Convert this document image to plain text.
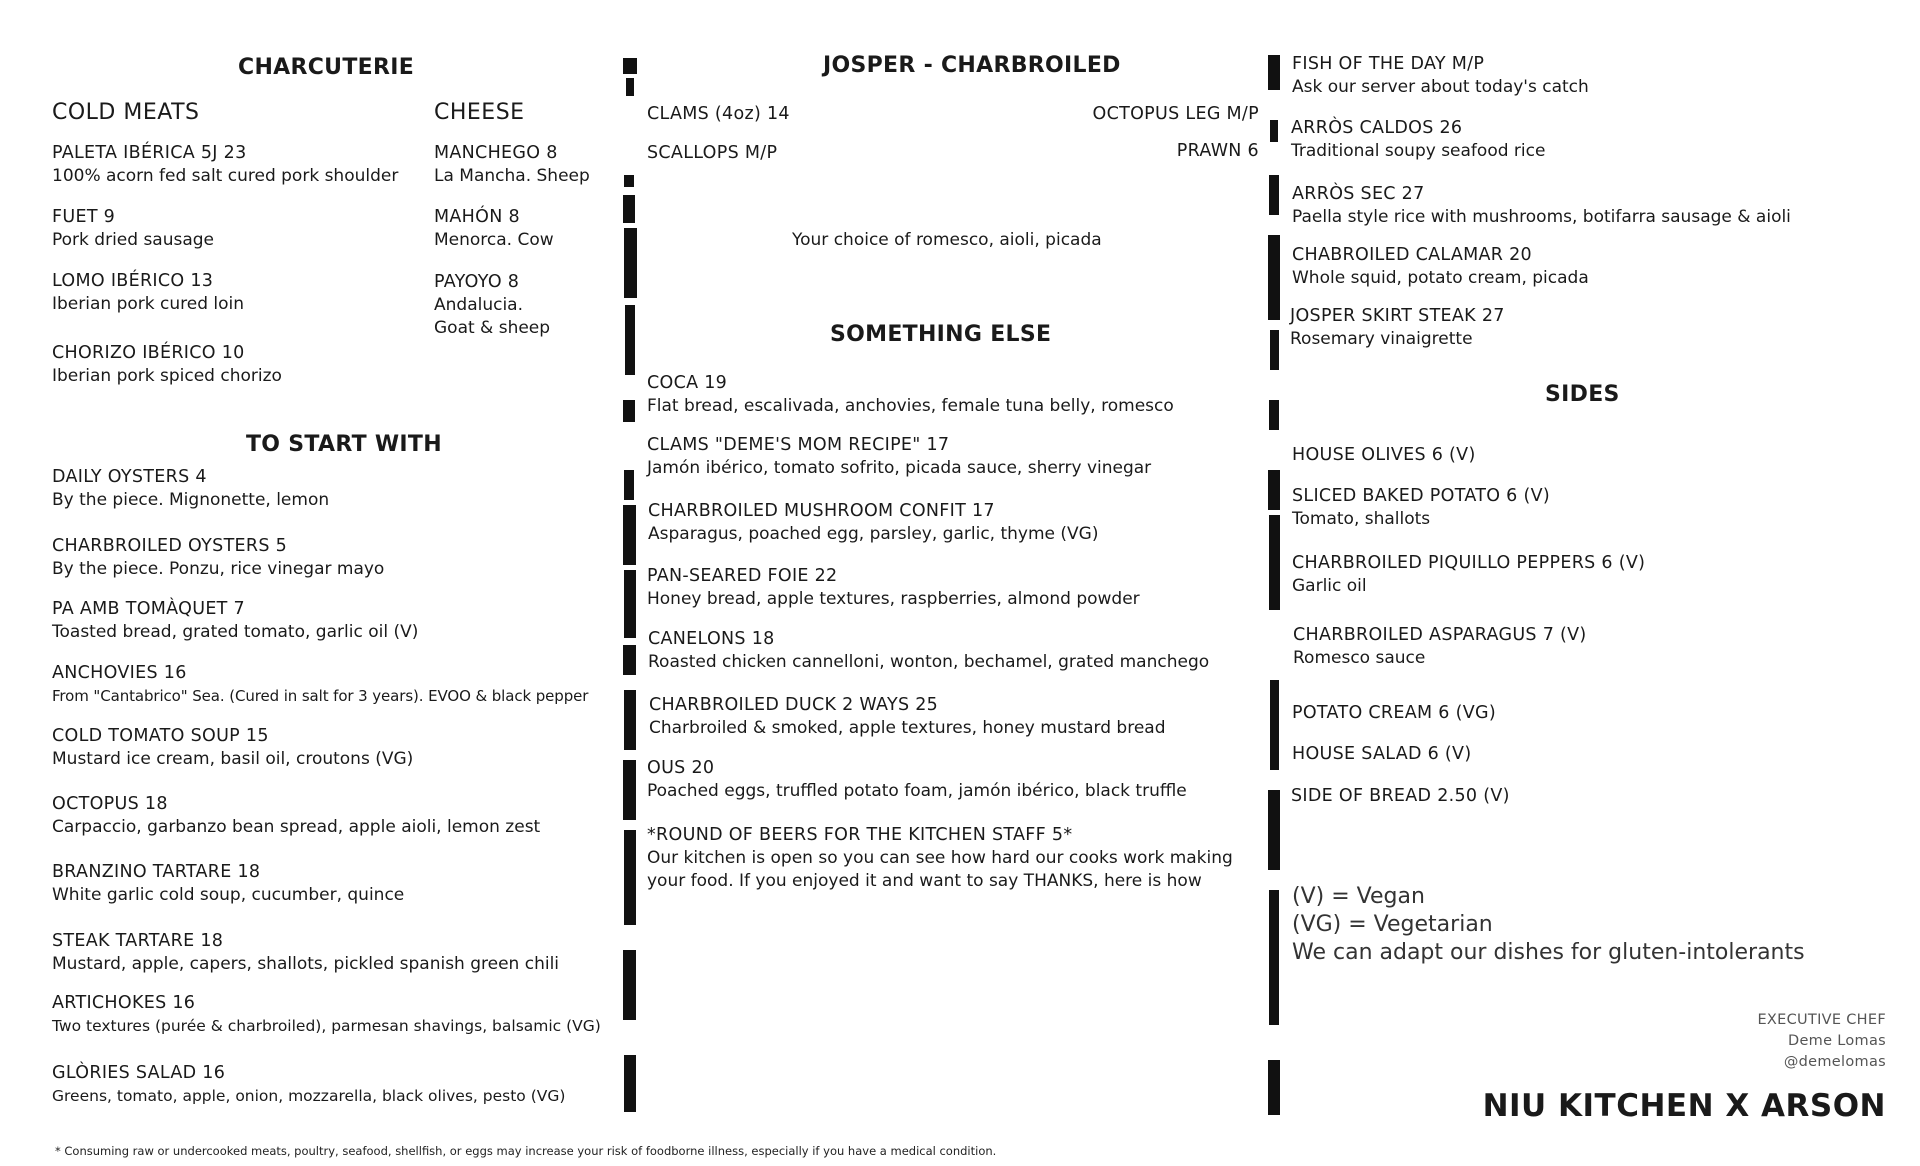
CHARCUTERIE
COLD MEATS
PALETA IBÉRICA 5J 23
100% acorn fed salt cured pork shoulder
FUET 9
Pork dried sausage
LOMO IBÉRICO 13
Iberian pork cured loin
CHORIZO IBÉRICO 10
Iberian pork spiced chorizo
CHEESE
MANCHEGO 8
La Mancha. Sheep
MAHÓN 8
Menorca. Cow
PAYOYO 8
Andalucia.
Goat & sheep
TO START WITH
DAILY OYSTERS 4
By the piece. Mignonette, lemon
CHARBROILED OYSTERS 5
By the piece. Ponzu, rice vinegar mayo
PA AMB TOMÀQUET 7
Toasted bread, grated tomato, garlic oil (V)
ANCHOVIES 16
From "Cantabrico" Sea. (Cured in salt for 3 years). EVOO & black pepper
COLD TOMATO SOUP 15
Mustard ice cream, basil oil, croutons (VG)
OCTOPUS 18
Carpaccio, garbanzo bean spread, apple aioli, lemon zest
BRANZINO TARTARE 18
White garlic cold soup, cucumber, quince
STEAK TARTARE 18
Mustard, apple, capers, shallots, pickled spanish green chili
ARTICHOKES 16
Two textures (purée & charbroiled), parmesan shavings, balsamic (VG)
GLÒRIES SALAD 16
Greens, tomato, apple, onion, mozzarella, black olives, pesto (VG)
JOSPER - CHARBROILED
CLAMS (4oz) 14
SCALLOPS M/P
OCTOPUS LEG M/P
PRAWN 6
Your choice of romesco, aioli, picada
SOMETHING ELSE
COCA 19
Flat bread, escalivada, anchovies, female tuna belly, romesco
CLAMS "DEME'S MOM RECIPE" 17
Jamón ibérico, tomato sofrito, picada sauce, sherry vinegar
CHARBROILED MUSHROOM CONFIT 17
Asparagus, poached egg, parsley, garlic, thyme (VG)
PAN-SEARED FOIE 22
Honey bread, apple textures, raspberries, almond powder
CANELONS 18
Roasted chicken cannelloni, wonton, bechamel, grated manchego
CHARBROILED DUCK 2 WAYS 25
Charbroiled & smoked, apple textures, honey mustard bread
OUS 20
Poached eggs, truffled potato foam, jamón ibérico, black truffle
*ROUND OF BEERS FOR THE KITCHEN STAFF 5*
Our kitchen is open so you can see how hard our cooks work making
your food. If you enjoyed it and want to say THANKS, here is how
FISH OF THE DAY M/P
Ask our server about today's catch
ARRÒS CALDOS 26
Traditional soupy seafood rice
ARRÒS SEC 27
Paella style rice with mushrooms, botifarra sausage & aioli
CHABROILED CALAMAR 20
Whole squid, potato cream, picada
JOSPER SKIRT STEAK 27
Rosemary vinaigrette
SIDES
HOUSE OLIVES 6 (V)
SLICED BAKED POTATO 6 (V)
Tomato, shallots
CHARBROILED PIQUILLO PEPPERS 6 (V)
Garlic oil
CHARBROILED ASPARAGUS 7 (V)
Romesco sauce
POTATO CREAM 6 (VG)
HOUSE SALAD 6 (V)
SIDE OF BREAD 2.50 (V)
(V) = Vegan
(VG) = Vegetarian
We can adapt our dishes for gluten-intolerants
EXECUTIVE CHEF
Deme Lomas
@demelomas
NIU KITCHEN X ARSON
* Consuming raw or undercooked meats, poultry, seafood, shellfish, or eggs may increase your risk of foodborne illness, especially if you have a medical condition.
